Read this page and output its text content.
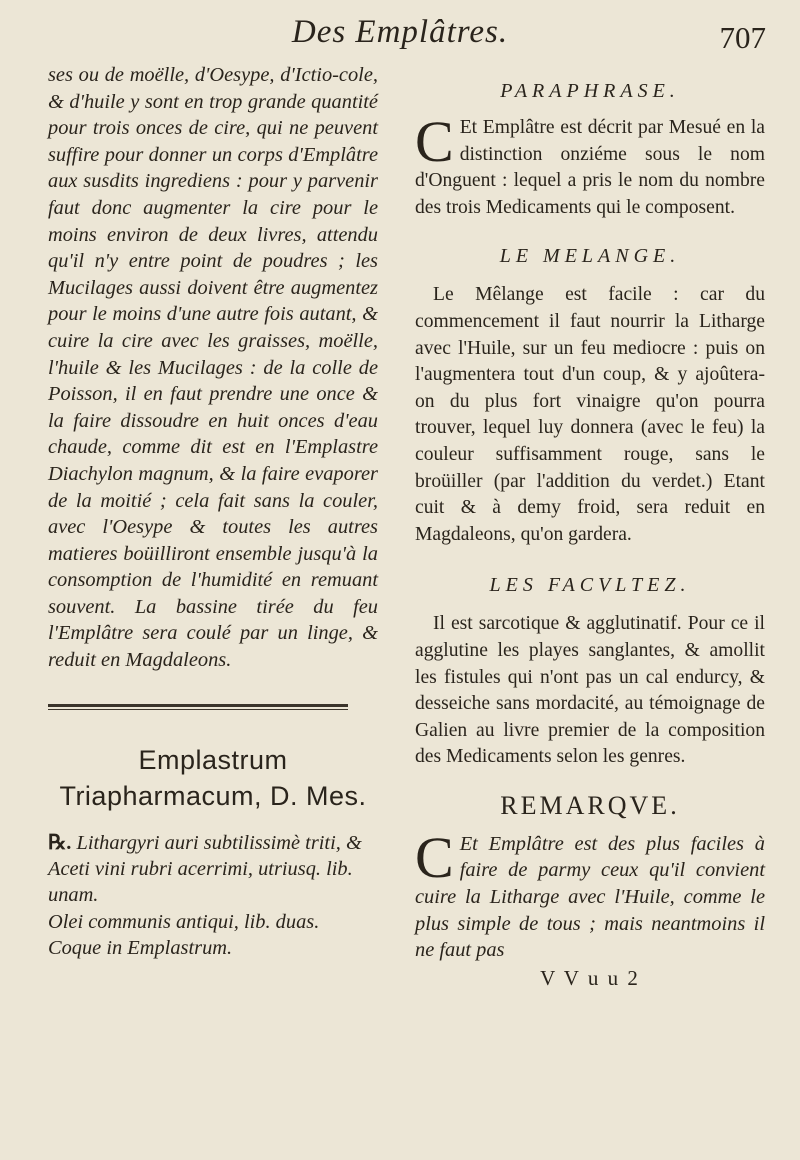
Des Emplâtres.	707
ses ou de moëlle, d'Oesype, d'Ictio-cole, & d'huile y sont en trop grande quantité pour trois onces de cire, qui ne peuvent suffire pour donner un corps d'Emplâtre aux susdits ingrediens : pour y parvenir faut donc augmenter la cire pour le moins environ de deux livres, attendu qu'il n'y entre point de poudres ; les Mucilages aussi doivent être augmentez pour le moins d'une autre fois autant, & cuire la cire avec les graisses, moëlle, l'huile & les Mucilages : de la colle de Poisson, il en faut prendre une once & la faire dissoudre en huit onces d'eau chaude, comme dit est en l'Emplastre Diachylon magnum, & la faire evaporer de la moitié ; cela fait sans la couler, avec l'Oesype & toutes les autres matieres boüilliront ensemble jusqu'à la consomption de l'humidité en remuant souvent. La bassine tirée du feu l'Emplâtre sera coulé par un linge, & reduit en Magdaleons.
Emplastrum Triapharmacum, D. Mes.

℞. Lithargyri auri subtilissimè triti, &

Aceti vini rubri acerrimi, utriusq. lib. unam.

Olei communis antiqui, lib. duas.

Coque in Emplastrum.

PARAPHRASE.

C Et Emplâtre est décrit par Mesué en la distinction onziéme sous le nom d'Onguent : lequel a pris le nom du nombre des trois Medicaments qui le composent.

LE MELANGE.

Le Mêlange est facile : car du commencement il faut nourrir la Litharge avec l'Huile, sur un feu mediocre : puis on l'augmentera tout d'un coup, & y ajoûtera-on du plus fort vinaigre qu'on pourra trouver, lequel luy donnera (avec le feu) la couleur suffisamment rouge, sans le broüiller (par l'addition du verdet.) Etant cuit & à demy froid, sera reduit en Magdaleons, qu'on gardera.

LES FACVLTEZ.

Il est sarcotique & agglutinatif. Pour ce il agglutine les playes sanglantes, & amollit les fistules qui n'ont pas un cal endurcy, & desseiche sans mordacité, au témoignage de Galien au livre premier de la composition des Medicaments selon les genres.

REMARQVE.

C Et Emplâtre est des plus faciles à faire de parmy ceux qu'il convient cuire la Litharge avec l'Huile, comme le plus simple de tous ; mais neantmoins il ne faut pas

V V u u 2
